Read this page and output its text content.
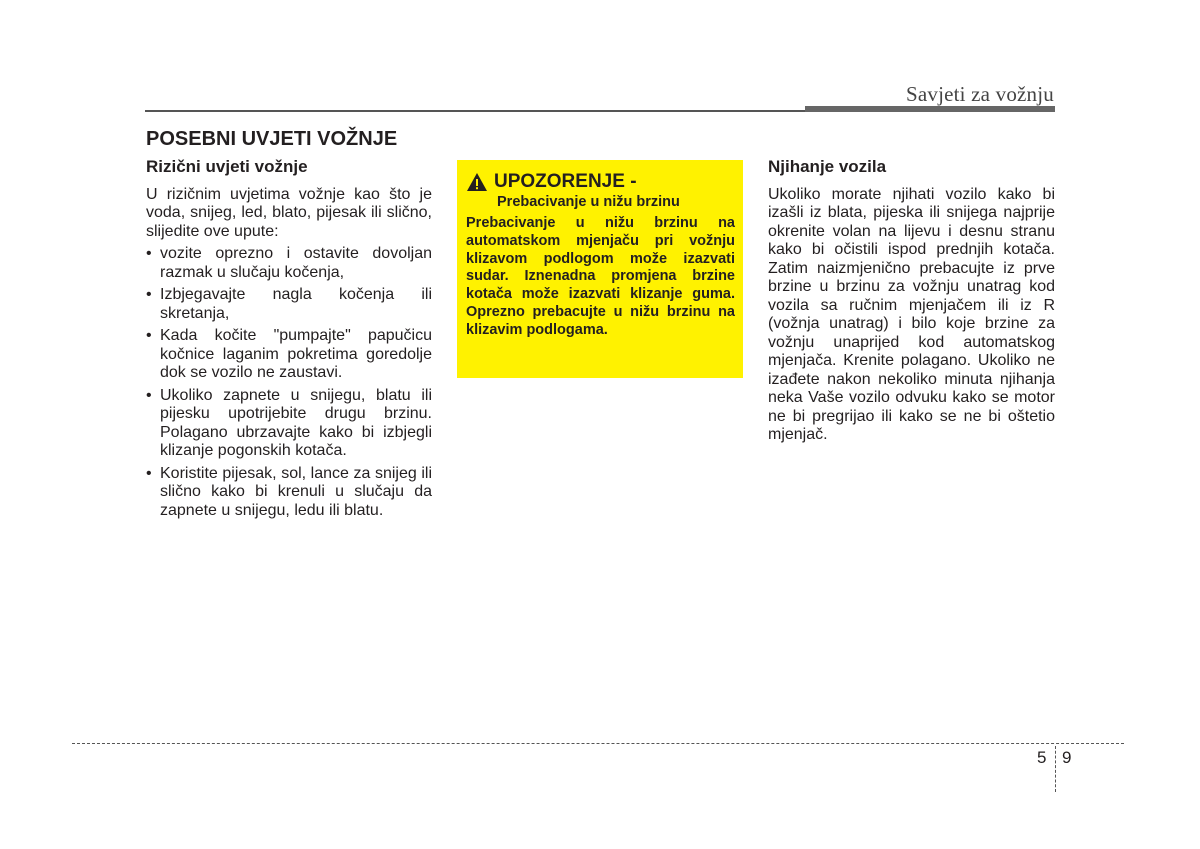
Savjeti za vožnju
POSEBNI UVJETI VOŽNJE
Rizični uvjeti vožnje

U rizičnim uvjetima vožnje kao što je voda, snijeg, led, blato, pijesak ili slično, slijedite ove upute:

• vozite oprezno i ostavite dovoljan razmak u slučaju kočenja,
• Izbjegavajte nagla kočenja ili skretanja,
• Kada kočite "pumpajte" papučicu kočnice laganim pokretima goredolje dok se vozilo ne zaustavi.
• Ukoliko zapnete u snijegu, blatu ili pijesku upotrijebite drugu brzinu. Polagano ubrzavajte kako bi izbjegli klizanje pogonskih kotača.
• Koristite pijesak, sol, lance za snijeg ili slično kako bi krenuli u slučaju da zapnete u snijegu, ledu ili blatu.
UPOZORENJE -
Prebacivanje u nižu brzinu
Prebacivanje u nižu brzinu na automatskom mjenjaču pri vožnju klizavom podlogom može izazvati sudar. Iznenadna promjena brzine kotača može izazvati klizanje guma. Oprezno prebacujte u nižu brzinu na klizavim podlogama.
Njihanje vozila

Ukoliko morate njihati vozilo kako bi izašli iz blata, pijeska ili snijega najprije okrenite volan na lijevu i desnu stranu kako bi očistili ispod prednjih kotača. Zatim naizmjenično prebacujte iz prve brzine u brzinu za vožnju unatrag kod vozila sa ručnim mjenjačem ili iz R (vožnja unatrag) i bilo koje brzine za vožnju unaprijed kod automatskog mjenjača. Krenite polagano. Ukoliko ne izađete nakon nekoliko minuta njihanja neka Vaše vozilo odvuku kako se motor ne bi pregrijao ili kako se ne bi oštetio mjenjač.

5 9
